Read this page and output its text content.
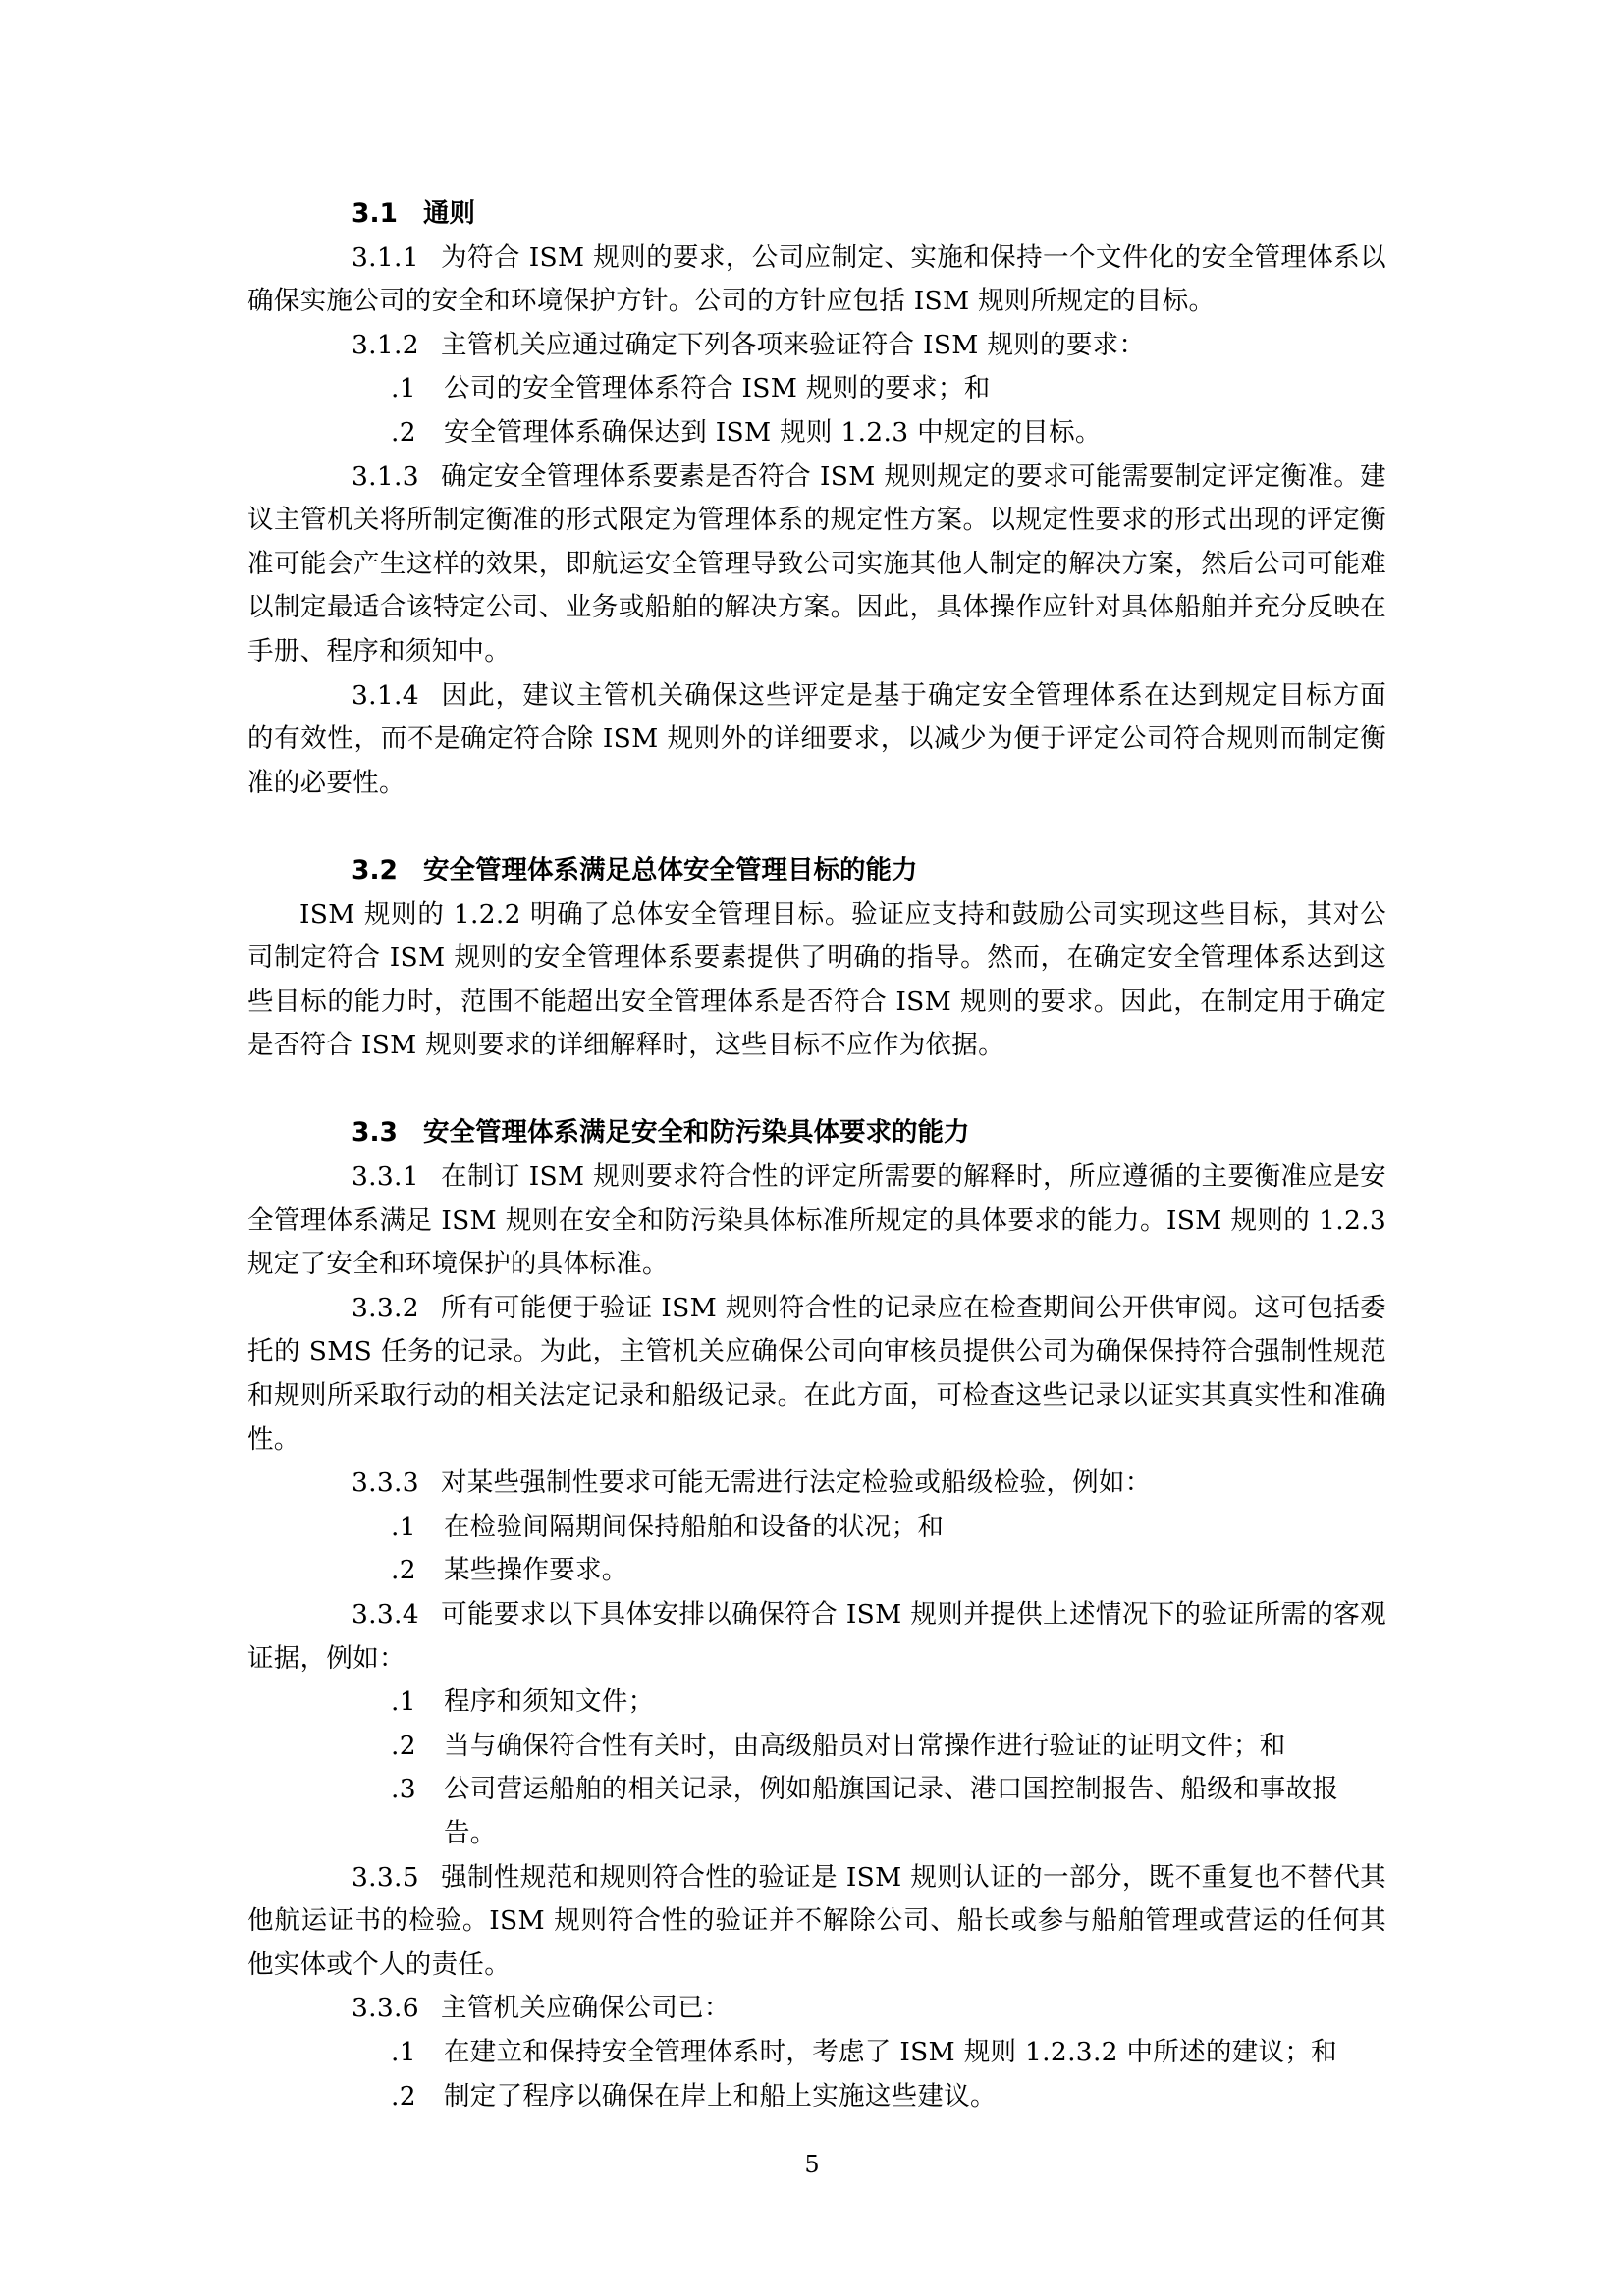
3.1 通则

3.1.1 为符合 ISM 规则的要求，公司应制定、实施和保持一个文件化的安全管理体系以确保实施公司的安全和环境保护方针。公司的方针应包括 ISM 规则所规定的目标。

3.1.2 主管机关应通过确定下列各项来验证符合 ISM 规则的要求：

.1 公司的安全管理体系符合 ISM 规则的要求；和

.2 安全管理体系确保达到 ISM 规则 1.2.3 中规定的目标。

3.1.3 确定安全管理体系要素是否符合 ISM 规则规定的要求可能需要制定评定衡准。建议主管机关将所制定衡准的形式限定为管理体系的规定性方案。以规定性要求的形式出现的评定衡准可能会产生这样的效果，即航运安全管理导致公司实施其他人制定的解决方案，然后公司可能难以制定最适合该特定公司、业务或船舶的解决方案。因此，具体操作应针对具体船舶并充分反映在手册、程序和须知中。

3.1.4 因此，建议主管机关确保这些评定是基于确定安全管理体系在达到规定目标方面的有效性，而不是确定符合除 ISM 规则外的详细要求，以减少为便于评定公司符合规则而制定衡准的必要性。

3.2 安全管理体系满足总体安全管理目标的能力

ISM 规则的 1.2.2 明确了总体安全管理目标。验证应支持和鼓励公司实现这些目标，其对公司制定符合 ISM 规则的安全管理体系要素提供了明确的指导。然而，在确定安全管理体系达到这些目标的能力时，范围不能超出安全管理体系是否符合 ISM 规则的要求。因此，在制定用于确定是否符合 ISM 规则要求的详细解释时，这些目标不应作为依据。

3.3 安全管理体系满足安全和防污染具体要求的能力

3.3.1 在制订 ISM 规则要求符合性的评定所需要的解释时，所应遵循的主要衡准应是安全管理体系满足 ISM 规则在安全和防污染具体标准所规定的具体要求的能力。ISM 规则的 1.2.3 规定了安全和环境保护的具体标准。

3.3.2 所有可能便于验证 ISM 规则符合性的记录应在检查期间公开供审阅。这可包括委托的 SMS 任务的记录。为此，主管机关应确保公司向审核员提供公司为确保保持符合强制性规范和规则所采取行动的相关法定记录和船级记录。在此方面，可检查这些记录以证实其真实性和准确性。

3.3.3 对某些强制性要求可能无需进行法定检验或船级检验，例如：

.1 在检验间隔期间保持船舶和设备的状况；和

.2 某些操作要求。

3.3.4 可能要求以下具体安排以确保符合 ISM 规则并提供上述情况下的验证所需的客观证据，例如：

.1 程序和须知文件；

.2 当与确保符合性有关时，由高级船员对日常操作进行验证的证明文件；和

.3 公司营运船舶的相关记录，例如船旗国记录、港口国控制报告、船级和事故报告。

3.3.5 强制性规范和规则符合性的验证是 ISM 规则认证的一部分，既不重复也不替代其他航运证书的检验。ISM 规则符合性的验证并不解除公司、船长或参与船舶管理或营运的任何其他实体或个人的责任。

3.3.6 主管机关应确保公司已：

.1 在建立和保持安全管理体系时，考虑了 ISM 规则 1.2.3.2 中所述的建议；和

.2 制定了程序以确保在岸上和船上实施这些建议。

5
